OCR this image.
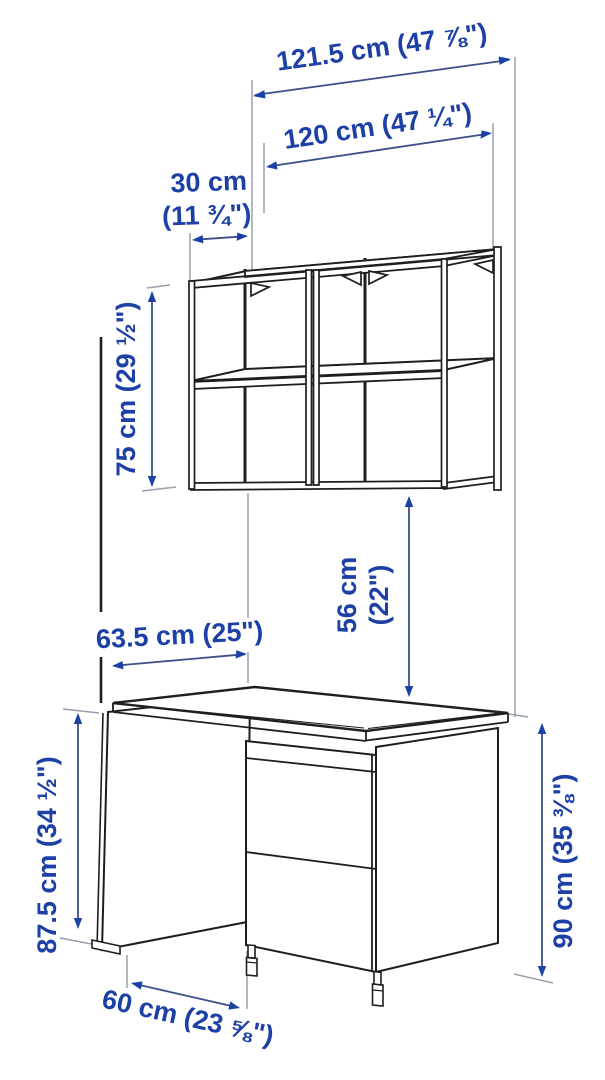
121.5 cm (47 ⅞")
120 cm (47 ¼")
30 cm
(11 ¾")
75 cm (29 ½")
56 cm (22")
63.5 cm (25")
87.5 cm (34 ½")	90 cm (35 ⅜")
60 cm (23 ⅝")
